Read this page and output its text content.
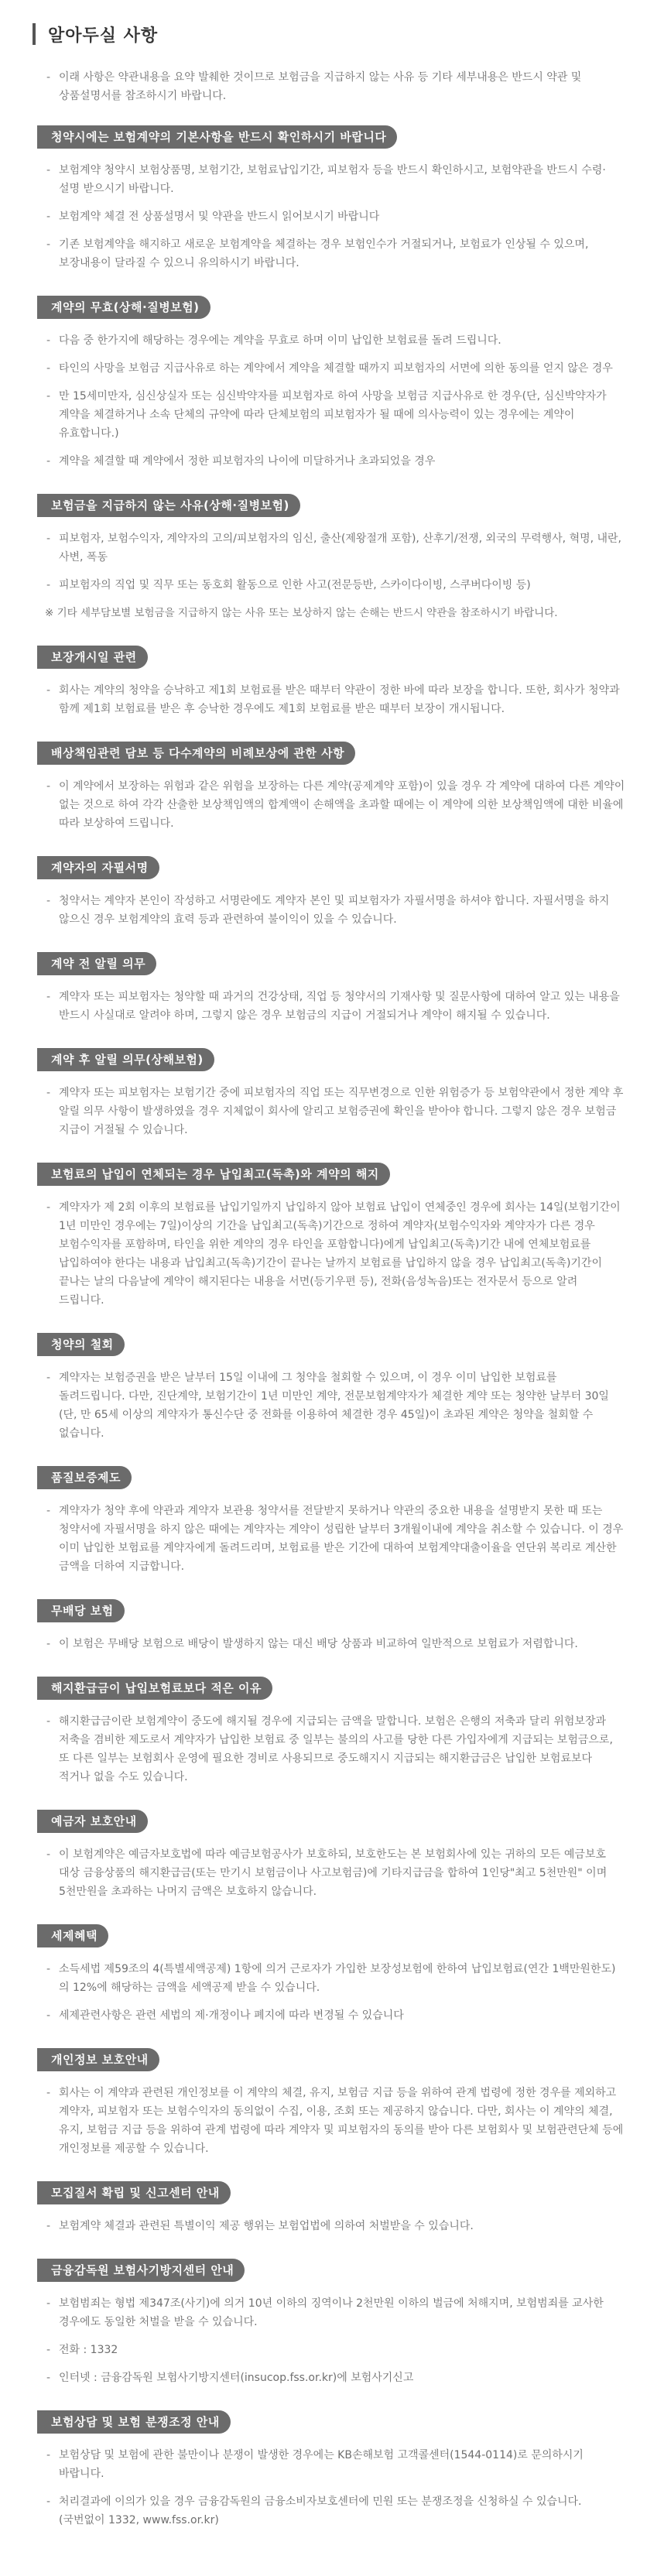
알아두실 사항
- 이래 사항은 약관내용을 요약 발췌한 것이므로 보험금을 지급하지 않는 사유 등 기타 세부내용은 반드시 약관 및 상품설명서를 참조하시기 바랍니다.
청약시에는 보험계약의 기본사항을 반드시 확인하시기 바랍니다
- 보험계약 청약시 보험상품명, 보험기간, 보험료납입기간, 피보험자 등을 반드시 확인하시고, 보험약관을 반드시 수령·설명 받으시기 바랍니다.
- 보험계약 체결 전 상품설명서 및 약관을 반드시 읽어보시기 바랍니다
- 기존 보험계약을 해지하고 새로운 보험계약을 체결하는 경우 보험인수가 거절되거나, 보험료가 인상될 수 있으며, 보장내용이 달라질 수 있으니 유의하시기 바랍니다.
계약의 무효(상해·질병보험)
- 다음 중 한가지에 해당하는 경우에는 계약을 무효로 하며 이미 납입한 보험료를 돌려 드립니다.
- 타인의 사망을 보험금 지급사유로 하는 계약에서 계약을 체결할 때까지 피보험자의 서면에 의한 동의를 얻지 않은 경우
- 만 15세미만자, 심신상실자 또는 심신박약자를 피보험자로 하여 사망을 보험금 지급사유로 한 경우(단, 심신박약자가 계약을 체결하거나 소속 단체의 규약에 따라 단체보험의 피보험자가 될 때에 의사능력이 있는 경우에는 계약이 유효합니다.)
- 계약을 체결할 때 계약에서 정한 피보험자의 나이에 미달하거나 초과되었을 경우
보험금을 지급하지 않는 사유(상해·질병보험)
- 피보험자, 보험수익자, 계약자의 고의/피보험자의 임신, 출산(제왕절개 포함), 산후기/전쟁, 외국의 무력행사, 혁명, 내란, 사변, 폭동
- 피보험자의 직업 및 직무 또는 동호회 활동으로 인한 사고(전문등반, 스카이다이빙, 스쿠버다이빙 등)
※ 기타 세부담보별 보험금을 지급하지 않는 사유 또는 보상하지 않는 손해는 반드시 약관을 참조하시기 바랍니다.
보장개시일 관련
- 회사는 계약의 청약을 승낙하고 제1회 보험료를 받은 때부터 약관이 정한 바에 따라 보장을 합니다. 또한, 회사가 청약과 함께 제1회 보험료를 받은 후 승낙한 경우에도 제1회 보험료를 받은 때부터 보장이 개시됩니다.
배상책임관련 담보 등 다수계약의 비례보상에 관한 사항
- 이 계약에서 보장하는 위험과 같은 위험을 보장하는 다른 계약(공제계약 포함)이 있을 경우 각 계약에 대하여 다른 계약이 없는 것으로 하여 각각 산출한 보상책임액의 합계액이 손해액을 초과할 때에는 이 계약에 의한 보상책임액에 대한 비율에 따라 보상하여 드립니다.
계약자의 자필서명
- 청약서는 계약자 본인이 작성하고 서명란에도 계약자 본인 및 피보험자가 자필서명을 하셔야 합니다. 자필서명을 하지 않으신 경우 보험계약의 효력 등과 관련하여 불이익이 있을 수 있습니다.
계약 전 알릴 의무
- 계약자 또는 피보험자는 청약할 때 과거의 건강상태, 직업 등 청약서의 기재사항 및 질문사항에 대하여 알고 있는 내용을 반드시 사실대로 알려야 하며, 그렇지 않은 경우 보험금의 지급이 거절되거나 계약이 해지될 수 있습니다.
계약 후 알릴 의무(상해보험)
- 계약자 또는 피보험자는 보험기간 중에 피보험자의 직업 또는 직무변경으로 인한 위험증가 등 보험약관에서 정한 계약 후 알릴 의무 사항이 발생하였을 경우 지체없이 회사에 알리고 보험증권에 확인을 받아야 합니다. 그렇지 않은 경우 보험금 지급이 거절될 수 있습니다.
보험료의 납입이 연체되는 경우 납입최고(독촉)와 계약의 해지
- 계약자가 제 2회 이후의 보험료를 납입기일까지 납입하지 않아 보험료 납입이 연체중인 경우에 회사는 14일(보험기간이 1년 미만인 경우에는 7일)이상의 기간을 납입최고(독촉)기간으로 정하여 계약자(보험수익자와 계약자가 다른 경우 보험수익자를 포함하며, 타인을 위한 계약의 경우 타인을 포함합니다)에게 납입최고(독촉)기간 내에 연체보험료를 납입하여야 한다는 내용과 납입최고(독촉)기간이 끝나는 날까지 보험료를 납입하지 않을 경우 납입최고(독촉)기간이 끝나는 날의 다음날에 계약이 해지된다는 내용을 서면(등기우편 등), 전화(음성녹음)또는 전자문서 등으로 알려 드립니다.
청약의 철회
- 계약자는 보험증권을 받은 날부터 15일 이내에 그 청약을 철회할 수 있으며, 이 경우 이미 납입한 보험료를 돌려드립니다. 다만, 진단계약, 보험기간이 1년 미만인 계약, 전문보험계약자가 체결한 계약 또는 청약한 날부터 30일(단, 만 65세 이상의 계약자가 통신수단 중 전화를 이용하여 체결한 경우 45일)이 초과된 계약은 청약을 철회할 수 없습니다.
품질보증제도
- 계약자가 청약 후에 약관과 계약자 보관용 청약서를 전달받지 못하거나 약관의 중요한 내용을 설명받지 못한 때 또는 청약서에 자필서명을 하지 않은 때에는 계약자는 계약이 성립한 날부터 3개월이내에 계약을 취소할 수 있습니다. 이 경우 이미 납입한 보험료를 계약자에게 돌려드리며, 보험료를 받은 기간에 대하여 보험계약대출이율을 연단위 복리로 계산한 금액을 더하여 지급합니다.
무배당 보험
- 이 보험은 무배당 보험으로 배당이 발생하지 않는 대신 배당 상품과 비교하여 일반적으로 보험료가 저렴합니다.
해지환급금이 납입보험료보다 적은 이유
- 해지환급금이란 보험계약이 중도에 해지될 경우에 지급되는 금액을 말합니다. 보험은 은행의 저축과 달리 위험보장과 저축을 겸비한 제도로서 계약자가 납입한 보험료 중 일부는 불의의 사고를 당한 다른 가입자에게 지급되는 보험금으로, 또 다른 일부는 보험회사 운영에 필요한 경비로 사용되므로 중도해지시 지급되는 해지환급금은 납입한 보험료보다 적거나 없을 수도 있습니다.
예금자 보호안내
- 이 보험계약은 예금자보호법에 따라 예금보험공사가 보호하되, 보호한도는 본 보험회사에 있는 귀하의 모든 예금보호 대상 금융상품의 해지환급금(또는 만기시 보험금이나 사고보험금)에 기타지급금을 합하여 1인당"최고 5천만원" 이며 5천만원을 초과하는 나머지 금액은 보호하지 않습니다.
세제혜택
- 소득세법 제59조의 4(특별세액공제) 1항에 의거 근로자가 가입한 보장성보험에 한하여 납입보험료(연간 1백만원한도)의 12%에 해당하는 금액을 세액공제 받을 수 있습니다.
- 세제관련사항은 관련 세법의 제·개정이나 폐지에 따라 변경될 수 있습니다
개인정보 보호안내
- 회사는 이 계약과 관련된 개인정보를 이 계약의 체결, 유지, 보험금 지급 등을 위하여 관계 법령에 정한 경우를 제외하고 계약자, 피보험자 또는 보험수익자의 동의없이 수집, 이용, 조회 또는 제공하지 않습니다. 다만, 회사는 이 계약의 체결, 유지, 보험금 지급 등을 위하여 관계 법령에 따라 계약자 및 피보험자의 동의를 받아 다른 보험회사 및 보험관련단체 등에 개인정보를 제공할 수 있습니다.
모집질서 확립 및 신고센터 안내
- 보험계약 체결과 관련된 특별이익 제공 행위는 보험업법에 의하여 처벌받을 수 있습니다.
금융감독원 보험사기방지센터 안내
- 보험범죄는 형법 제347조(사기)에 의거 10년 이하의 징역이나 2천만원 이하의 벌금에 처해지며, 보험범죄를 교사한 경우에도 동일한 처벌을 받을 수 있습니다.
- 전화 : 1332
- 인터넷 : 금융감독원 보험사기방지센터(insucop.fss.or.kr)에 보험사기신고
보험상담 및 보험 분쟁조정 안내
- 보험상담 및 보험에 관한 불만이나 분쟁이 발생한 경우에는 KB손해보험 고객콜센터(1544-0114)로 문의하시기 바랍니다.
- 처리결과에 이의가 있을 경우 금융감독원의 금융소비자보호센터에 민원 또는 분쟁조정을 신청하실 수 있습니다. (국번없이 1332, www.fss.or.kr)
